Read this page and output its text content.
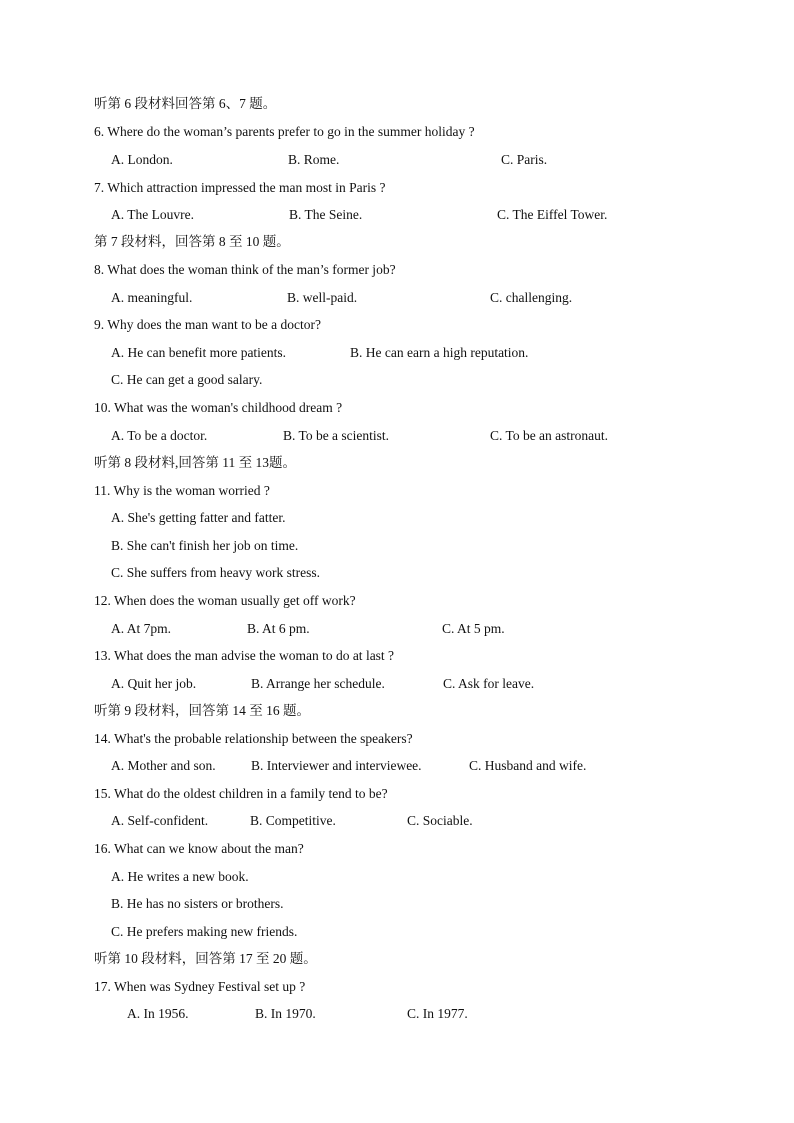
听第 6 段材料回答第 6、7 题。
6. Where do the woman’s parents prefer to go in the summer holiday ?
A. London.	B. Rome.	C. Paris.
7. Which attraction impressed the man most in Paris ?
A. The Louvre.	B. The Seine.	C. The Eiffel Tower.
第 7 段材料，回答第 8 至 10 题。
8. What does the woman think of the man’s former job?
A. meaningful.	B. well-paid.	C. challenging.
9. Why does the man want to be a doctor?
A. He can benefit more patients.	B. He can earn a high reputation.
C. He can get a good salary.
10. What was the woman's childhood dream ?
A. To be a doctor.	B. To be a scientist.	C. To be an astronaut.
听第 8 段材料,回答第 11 至 13题。
11. Why is the woman worried ?
A. She's getting fatter and fatter.
B. She can't finish her job on time.
C. She suffers from heavy work stress.
12. When does the woman usually get off work?
A. At 7pm.	B. At 6 pm.	C. At 5 pm.
13. What does the man advise the woman to do at last ?
A. Quit her job.	B. Arrange her schedule.	C. Ask for leave.
听第 9 段材料，回答第 14 至 16 题。
14. What's the probable relationship between the speakers?
A. Mother and son.	B. Interviewer and interviewee.	C. Husband and wife.
15. What do the oldest children in a family tend to be?
A. Self-confident.	B. Competitive.	C. Sociable.
16. What can we know about the man?
A. He writes a new book.
B. He has no sisters or brothers.
C. He prefers making new friends.
听第 10 段材料，回答第 17 至 20 题。
17. When was Sydney Festival set up ?
A. In 1956.	B. In 1970.	C. In 1977.
